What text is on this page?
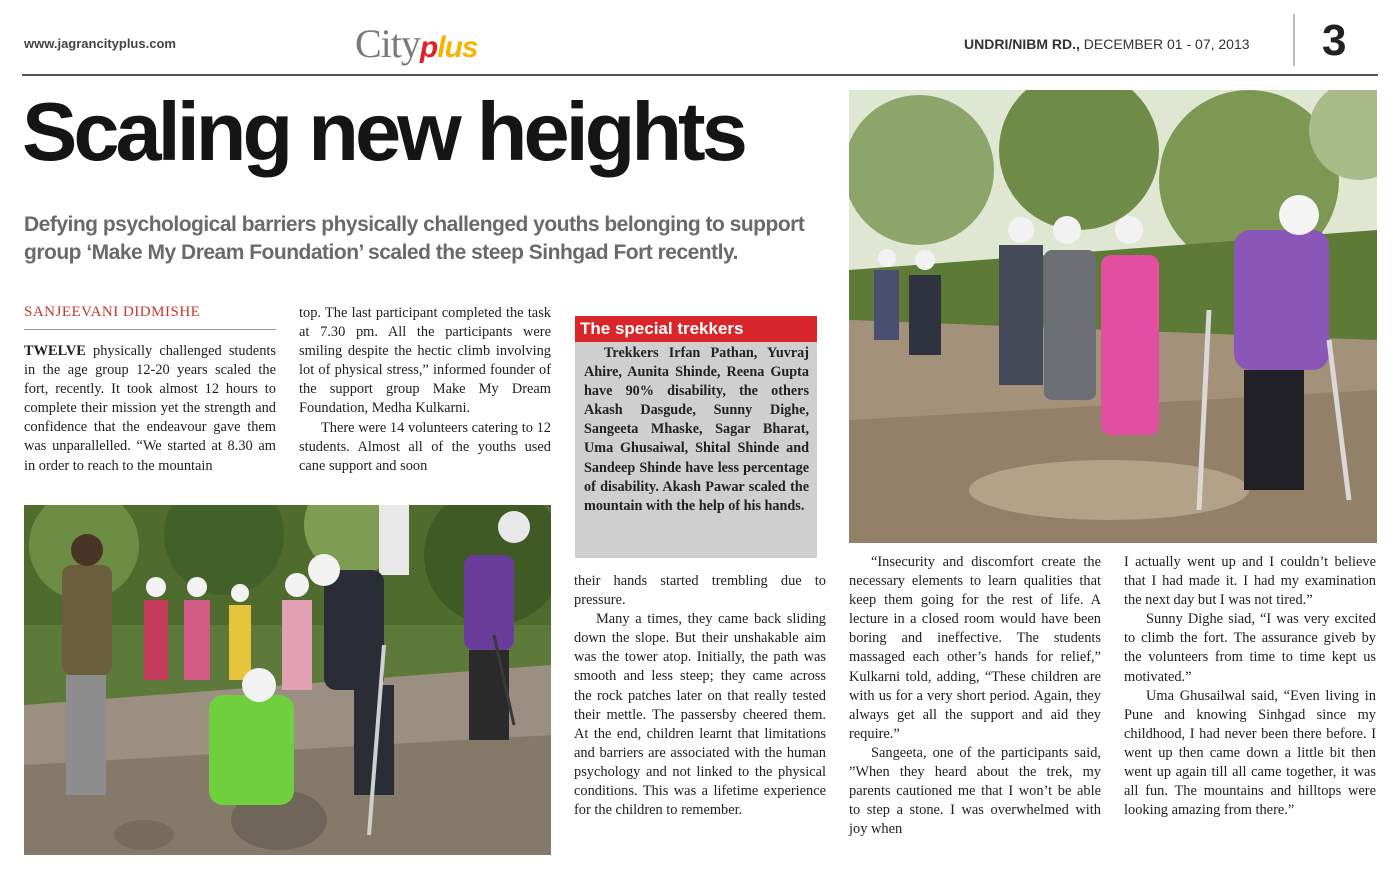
www.jagrancityplus.com	Cityplus	UNDRI/NIBM RD., DECEMBER 01 - 07, 2013 3
Scaling new heights
Defying psychological barriers physically challenged youths belonging to support group ‘Make My Dream Foundation’ scaled the steep Sinhgad Fort recently.
SANJEEVANI DIDMISHE

TWELVE physically challenged students in the age group 12-20 years scaled the fort, recently. It took almost 12 hours to complete their mission yet the strength and confidence that the endeavour gave them was unparallelled. “We started at 8.30 am in order to reach to the mountain

top. The last participant completed the task at 7.30 pm. All the participants were smiling despite the hectic climb involving lot of physical stress,” informed founder of the support group Make My Dream Foundation, Medha Kulkarni.

There were 14 volunteers catering to 12 students. Almost all of the youths used cane support and soon

The special trekkers

Trekkers Irfan Pathan, Yuvraj Ahire, Aunita Shinde, Reena Gupta have 90% disability, the others Akash Dasgude, Sunny Dighe, Sangeeta Mhaske, Sagar Bharat, Uma Ghusaiwal, Shital Shinde and Sandeep Shinde have less percentage of disability. Akash Pawar scaled the mountain with the help of his hands.

their hands started trembling due to pressure.

Many a times, they came back sliding down the slope. But their unshakable aim was the tower atop. Initially, the path was smooth and less steep; they came across the rock patches later on that really tested their mettle. The passersby cheered them. At the end, children learnt that limitations and barriers are associated with the human psychology and not linked to the physical conditions. This was a lifetime experience for the children to remember.

“Insecurity and discomfort create the necessary elements to learn qualities that keep them going for the rest of life. A lecture in a closed room would have been boring and ineffective. The students massaged each other’s hands for relief,” Kulkarni told, adding, “These children are with us for a very short period. Again, they always get all the support and aid they require.”

Sangeeta, one of the participants said, ”When they heard about the trek, my parents cautioned me that I won’t be able to step a stone. I was overwhelmed with joy when

I actually went up and I couldn’t believe that I had made it. I had my examination the next day but I was not tired.”

Sunny Dighe siad, “I was very excited to climb the fort. The assurance giveb by the volunteers from time to time kept us motivated.”

Uma Ghusailwal said, “Even living in Pune and knowing Sinhgad since my childhood, I had never been there before. I went up then came down a little bit then went up again till all came together, it was all fun. The mountains and hilltops were looking amazing from there.”
